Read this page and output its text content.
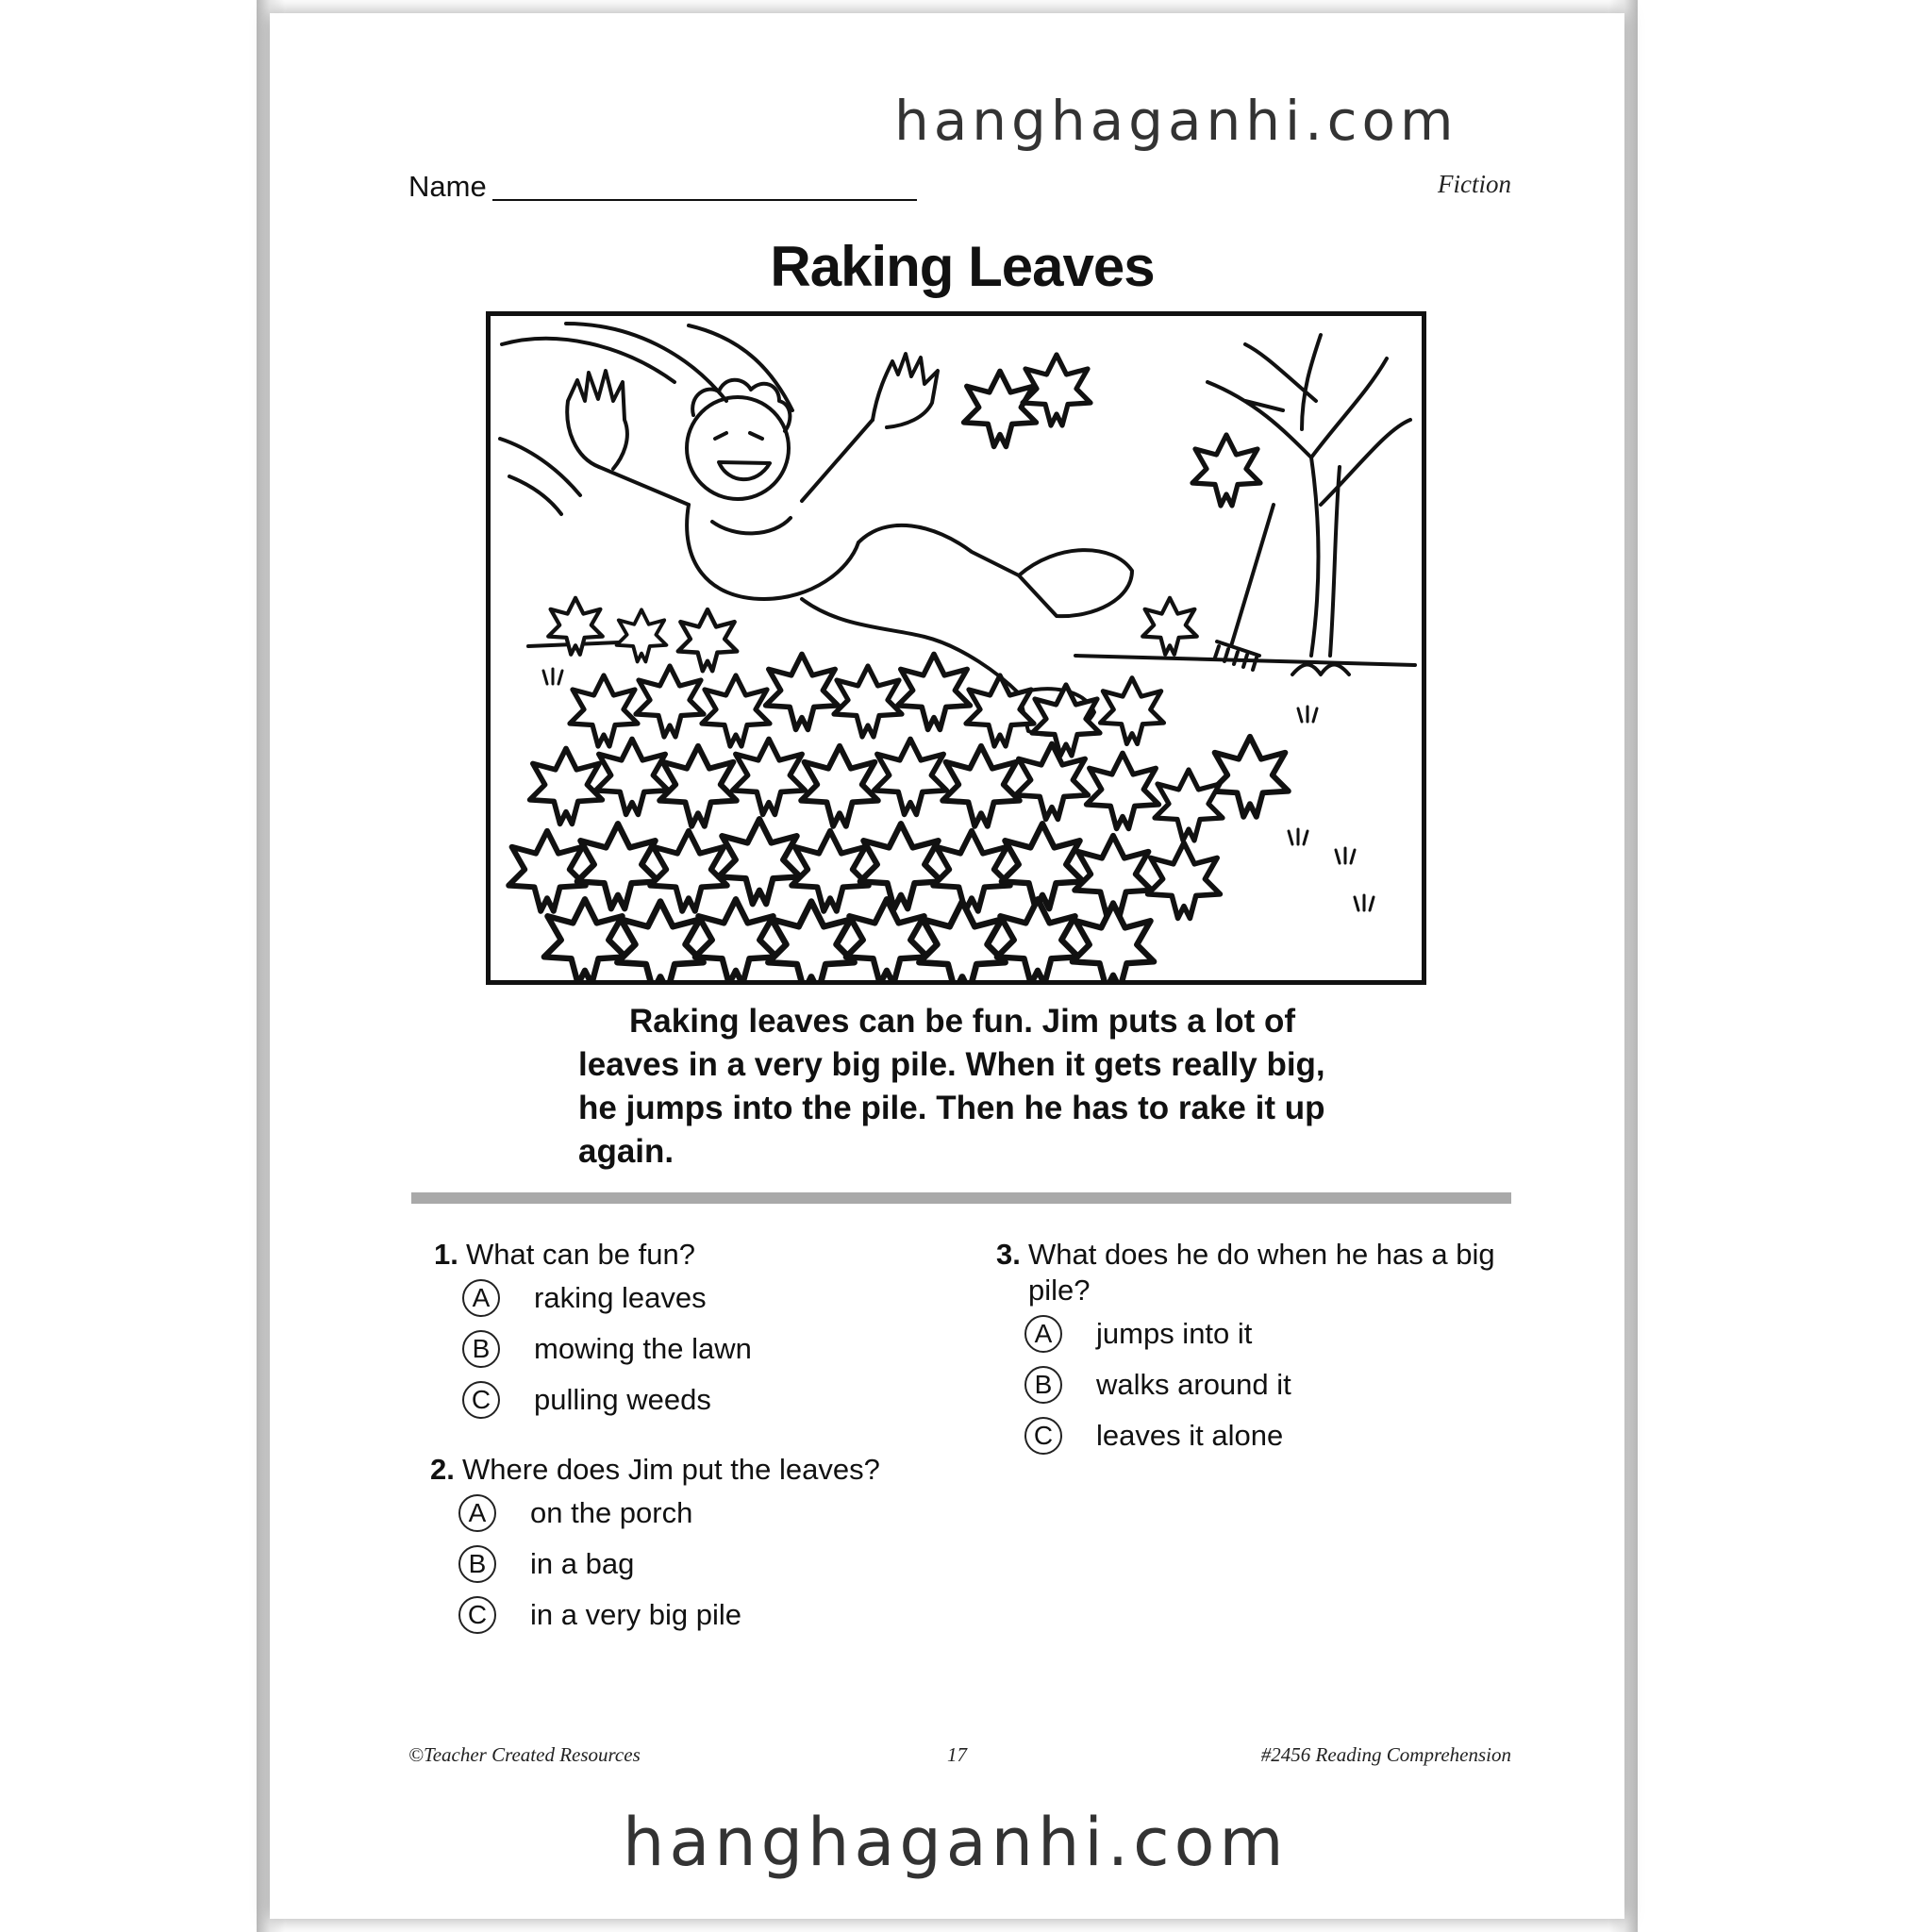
hanghaganhi.com
Name	Fiction
Raking Leaves

Raking leaves can be fun. Jim puts a lot of leaves in a very big pile. When it gets really big, he jumps into the pile. Then he has to rake it up again.

1. What can be fun?
A	raking leaves
B	mowing the lawn
C	pulling weeds
2. Where does Jim put the leaves?
A	on the porch
B	in a bag
C	in a very big pile
3. What does he do when he has a big pile?
A	jumps into it
B	walks around it
C	leaves it alone
©Teacher Created Resources	17	#2456 Reading Comprehension
hanghaganhi.com
